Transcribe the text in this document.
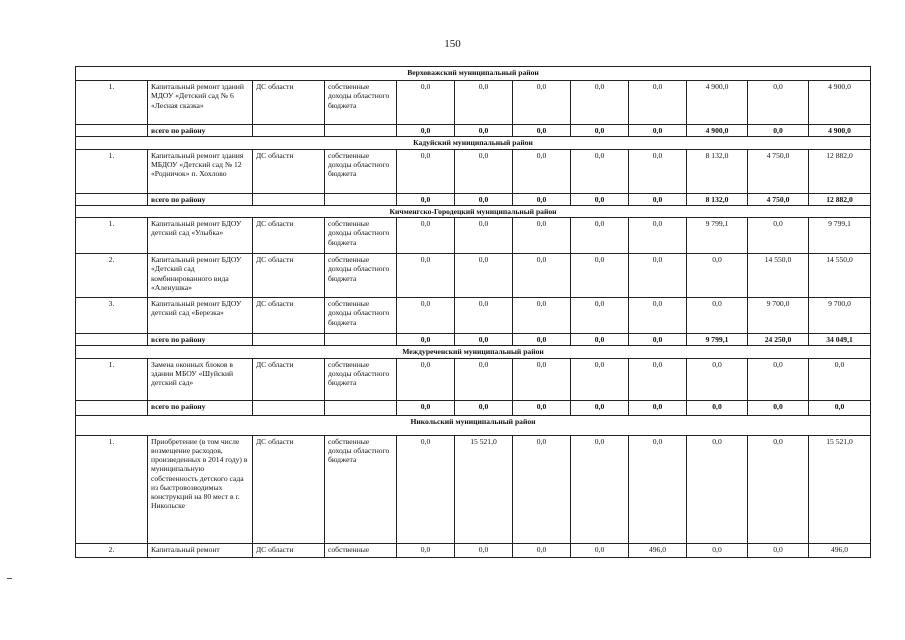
150
Верховажский муниципальный район											
1.	Капитальный ремонт зданий МДОУ «Детский сад № 6 «Лесная сказка»	ДС области	собственные доходы областного бюджета	0,0	0,0	0,0	0,0	0,0	4 900,0	0,0	4 900,0
	всего по району			0,0	0,0	0,0	0,0	0,0	4 900,0	0,0	4 900,0
Кадуйский муниципальный район											
1.	Капитальный ремонт здания МБДОУ «Детский сад № 12 «Родничок» п. Хохлово	ДС области	собственные доходы областного бюджета	0,0	0,0	0,0	0,0	0,0	8 132,0	4 750,0	12 882,0
	всего по району			0,0	0,0	0,0	0,0	0,0	8 132,0	4 750,0	12 882,0
Кичменгско-Городецкий муниципальный район											
1.	Капитальный ремонт БДОУ детский сад «Улыбка»	ДС области	собственные доходы областного бюджета	0,0	0,0	0,0	0,0	0,0	9 799,1	0,0	9 799,1
2.	Капитальный ремонт БДОУ «Детский сад комбинированного вида «Аленушка»	ДС области	собственные доходы областного бюджета	0,0	0,0	0,0	0,0	0,0	0,0	14 550,0	14 550,0
3.	Капитальный ремонт БДОУ детский сад «Березка»	ДС области	собственные доходы областного бюджета	0,0	0,0	0,0	0,0	0,0	0,0	9 700,0	9 700,0
	всего по району			0,0	0,0	0,0	0,0	0,0	9 799,1	24 250,0	34 049,1
Междуреченский муниципальный район											
1.	Замена оконных блоков в здании МБОУ «Шуйский детский сад»	ДС области	собственные доходы областного бюджета	0,0	0,0	0,0	0,0	0,0	0,0	0,0	0,0
	всего по району			0,0	0,0	0,0	0,0	0,0	0,0	0,0	0,0
Никольский муниципальный район											
1.	Приобретение (в том числе возмещение расходов, произведенных в 2014 году) в муниципальную собственность детского сада из быстровозводимых конструкций на 80 мест в г. Никольске	ДС области	собственные доходы областного бюджета	0,0	15 521,0	0,0	0,0	0,0	0,0	0,0	15 521,0
2.	Капитальный ремонт	ДС области	собственные	0,0	0,0	0,0	0,0	496,0	0,0	0,0	496,0
